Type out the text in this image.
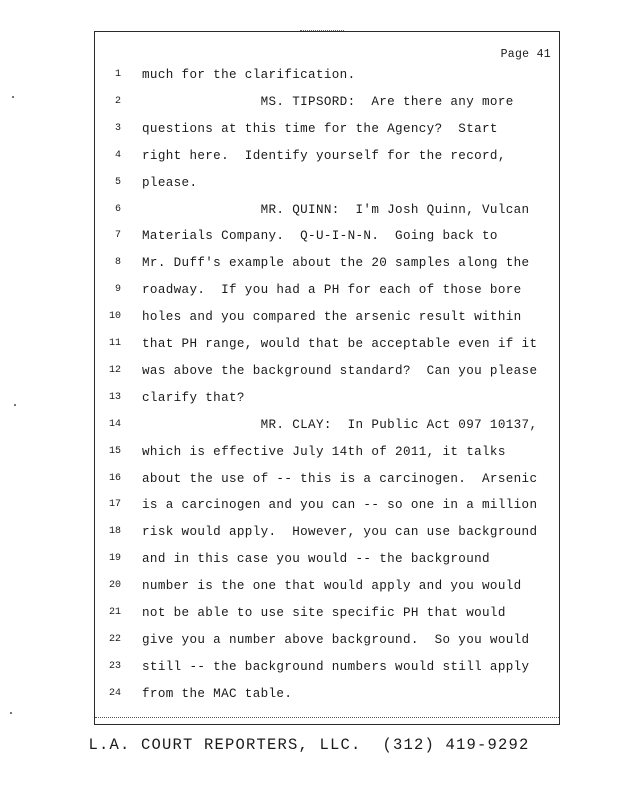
Page 41
1 much for the clarification.
2 MS. TIPSORD:  Are there any more
3 questions at this time for the Agency?  Start
4 right here.  Identify yourself for the record,
5 please.
6 MR. QUINN:  I'm Josh Quinn, Vulcan
7 Materials Company.  Q-U-I-N-N.  Going back to
8 Mr. Duff's example about the 20 samples along the
9 roadway.  If you had a PH for each of those bore
10 holes and you compared the arsenic result within
11 that PH range, would that be acceptable even if it
12 was above the background standard?  Can you please
13 clarify that?
14 MR. CLAY:  In Public Act 097 10137,
15 which is effective July 14th of 2011, it talks
16 about the use of -- this is a carcinogen.  Arsenic
17 is a carcinogen and you can -- so one in a million
18 risk would apply.  However, you can use background
19 and in this case you would -- the background
20 number is the one that would apply and you would
21 not be able to use site specific PH that would
22 give you a number above background.  So you would
23 still -- the background numbers would still apply
24 from the MAC table.
L.A. COURT REPORTERS, LLC.  (312) 419-9292
